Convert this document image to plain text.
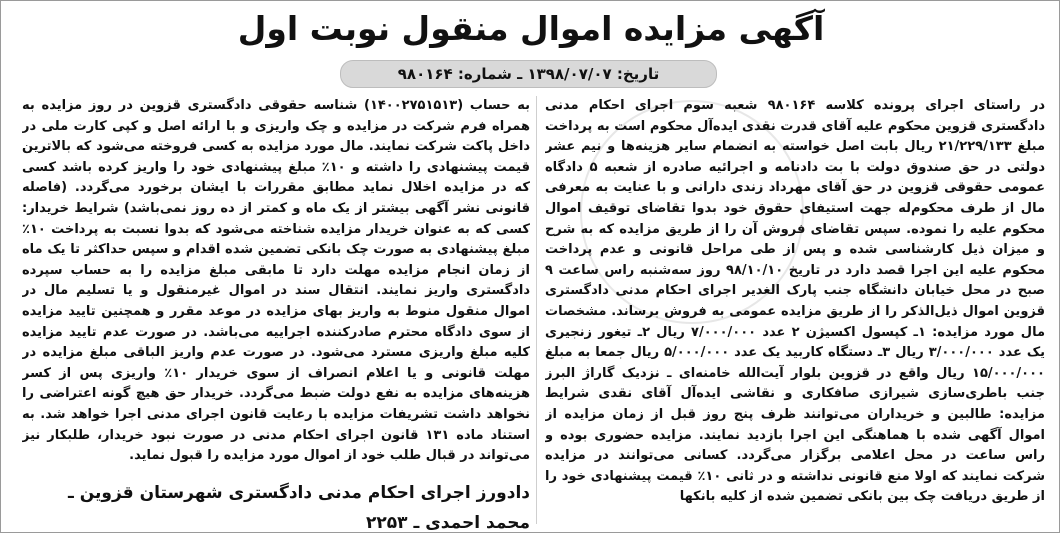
آگهی مزایده اموال منقول نوبت اول
تاریخ: ۱۳۹۸/۰۷/۰۷ ـ شماره: ۹۸۰۱۶۴

در راستای اجرای پرونده کلاسه ۹۸۰۱۶۴ شعبه سوم اجرای احکام مدنی دادگستری قزوین محکوم علیه آقای قدرت نقدی ایده‌آل محکوم است به پرداخت مبلغ ۲۱/۲۲۹/۱۳۳ ریال بابت اصل خواسته به انضمام سایر هزینه‌ها و نیم عشر دولتی در حق صندوق دولت با بت دادنامه و اجرائیه صادره از شعبه ۵ دادگاه عمومی حقوقی قزوین در حق آقای مهرداد زندی دارانی و با عنایت به معرفی مال از طرف محکوم‌له جهت استیفای حقوق خود بدوا تقاضای توقیف اموال محکوم علیه را نموده. سپس تقاضای فروش آن را از طریق مزایده که به شرح و میزان ذیل کارشناسی شده و پس از طی مراحل قانونی و عدم پرداخت محکوم علیه این اجرا قصد دارد در تاریخ ۹۸/۱۰/۱۰ روز سه‌شنبه راس ساعت ۹ صبح در محل خیابان دانشگاه جنب پارک الغدیر اجرای احکام مدنی دادگستری قزوین اموال ذیل‌الذکر را از طریق مزایده عمومی به فروش برساند. مشخصات مال مورد مزایده: ۱ـ کپسول اکسیژن ۲ عدد ۷/۰۰۰/۰۰۰ ریال ۲ـ تیغور زنجیری یک عدد ۳/۰۰۰/۰۰۰ ریال ۳ـ دستگاه کاربید یک عدد ۵/۰۰۰/۰۰۰ ریال جمعا به مبلغ ۱۵/۰۰۰/۰۰۰ ریال واقع در قزوین بلوار آیت‌الله خامنه‌ای ـ نزدیک گاراژ البرز جنب باطری‌سازی شیرازی صافکاری و نقاشی ایده‌آل آقای نقدی شرایط مزایده: طالبین و خریداران می‌توانند ظرف پنج روز قبل از زمان مزایده از اموال آگهی شده با هماهنگی این اجرا بازدید نمایند. مزایده حضوری بوده و راس ساعت در محل اعلامی برگزار می‌گردد. کسانی می‌توانند در مزایده شرکت نمایند که اولا منع قانونی نداشته و در ثانی ۱۰٪ قیمت پیشنهادی خود را از طریق دریافت چک بین بانکی تضمین شده از کلیه بانکها

به حساب (۱۴۰۰۲۷۵۱۵۱۳) شناسه حقوقی دادگستری قزوین در روز مزایده به همراه فرم شرکت در مزایده و چک واریزی و با ارائه اصل و کپی کارت ملی در داخل پاکت شرکت نمایند. مال مورد مزایده به کسی فروخته می‌شود که بالاترین قیمت پیشنهادی را داشته و ۱۰٪ مبلغ پیشنهادی خود را واریز کرده باشد کسی که در مزایده اخلال نماید مطابق مقررات با ایشان برخورد می‌گردد. (فاصله قانونی نشر آگهی بیشتر از یک ماه و کمتر از ده روز نمی‌باشد) شرایط خریدار: کسی که به عنوان خریدار مزایده شناخته می‌شود که بدوا نسبت به پرداخت ۱۰٪ مبلغ پیشنهادی به صورت چک بانکی تضمین شده اقدام و سپس حداکثر تا یک ماه از زمان انجام مزایده مهلت دارد تا مابقی مبلغ مزایده را به حساب سپرده دادگستری واریز نمایند. انتقال سند در اموال غیرمنقول و یا تسلیم مال در اموال منقول منوط به واریز بهای مزایده در موعد مقرر و همچنین تایید مزایده از سوی دادگاه محترم صادرکننده اجراییه می‌باشد. در صورت عدم تایید مزایده کلیه مبلغ واریزی مسترد می‌شود. در صورت عدم واریز الباقی مبلغ مزایده در مهلت قانونی و یا اعلام انصراف از سوی خریدار ۱۰٪ واریزی پس از کسر هزینه‌های مزایده به نفع دولت ضبط می‌گردد. خریدار حق هیچ گونه اعتراضی را نخواهد داشت تشریفات مزایده با رعایت قانون اجرای مدنی اجرا خواهد شد. به استناد ماده ۱۳۱ قانون اجرای احکام مدنی در صورت نبود خریدار، طلبکار نیز می‌تواند در قبال طلب خود از اموال مورد مزایده را قبول نماید.

دادورز اجرای احکام مدنی دادگستری شهرستان قزوین ـ محمد احمدی ـ ۲۲۵۳
